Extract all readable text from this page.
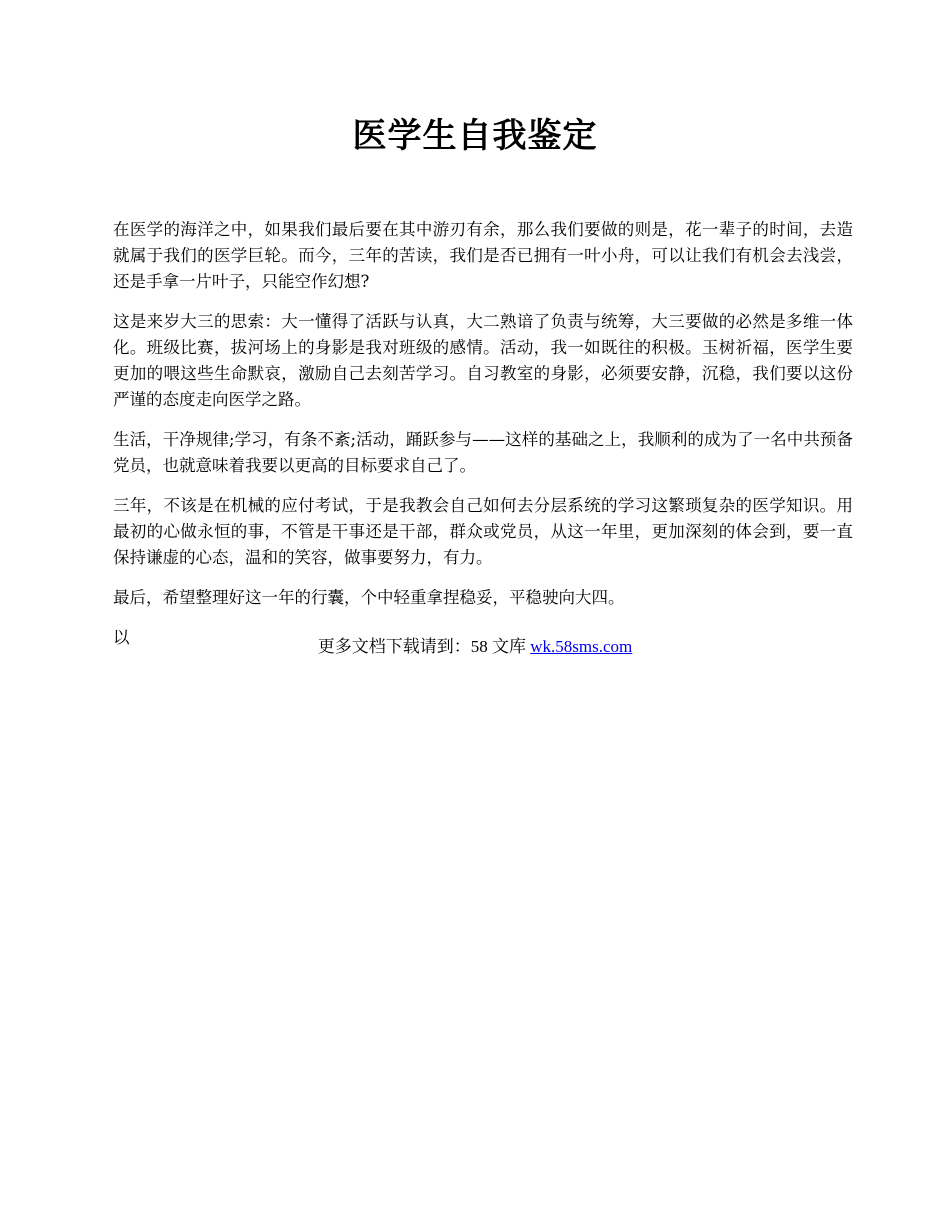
医学生自我鉴定

在医学的海洋之中，如果我们最后要在其中游刃有余，那么我们要做的则是，花一辈子的时间，去造就属于我们的医学巨轮。而今，三年的苦读，我们是否已拥有一叶小舟，可以让我们有机会去浅尝，还是手拿一片叶子，只能空作幻想?

这是来岁大三的思索：大一懂得了活跃与认真，大二熟谙了负责与统筹，大三要做的必然是多维一体化。班级比赛，拔河场上的身影是我对班级的感情。活动，我一如既往的积极。玉树祈福，医学生要更加的喂这些生命默哀，激励自己去刻苦学习。自习教室的身影，必须要安静，沉稳，我们要以这份严谨的态度走向医学之路。

生活，干净规律;学习，有条不紊;活动，踊跃参与——这样的基础之上，我顺利的成为了一名中共预备党员，也就意味着我要以更高的目标要求自己了。

三年，不该是在机械的应付考试，于是我教会自己如何去分层系统的学习这繁琐复杂的医学知识。用最初的心做永恒的事，不管是干事还是干部，群众或党员，从这一年里，更加深刻的体会到，要一直保持谦虚的心态，温和的笑容，做事要努力，有力。

最后，希望整理好这一年的行囊，个中轻重拿捏稳妥，平稳驶向大四。

以	更多文档下载请到：58 文库 wk.58sms.com
